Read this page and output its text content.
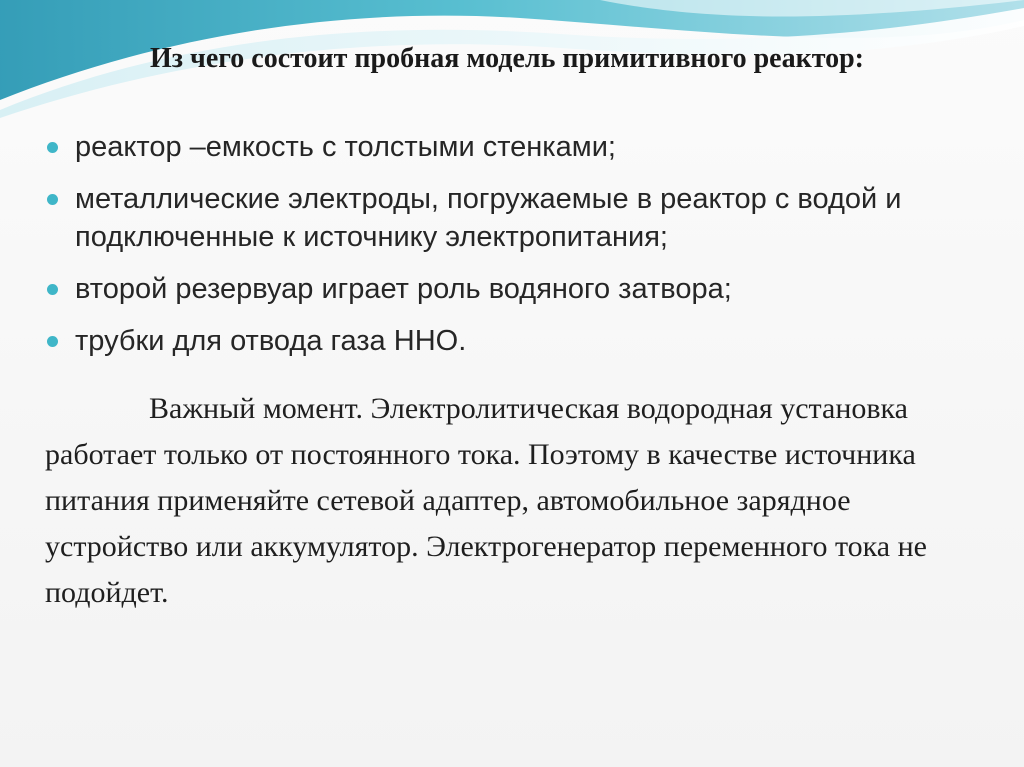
Из чего состоит пробная модель примитивного реактор:
реактор –емкость с толстыми стенками;
металлические электроды, погружаемые в реактор с водой и подключенные к источнику электропитания;
второй резервуар играет роль водяного затвора;
трубки для отвода газа ННО.
Важный момент. Электролитическая водородная установка работает только от постоянного тока. Поэтому в качестве источника питания применяйте сетевой адаптер, автомобильное зарядное устройство или аккумулятор. Электрогенератор переменного тока не подойдет.
